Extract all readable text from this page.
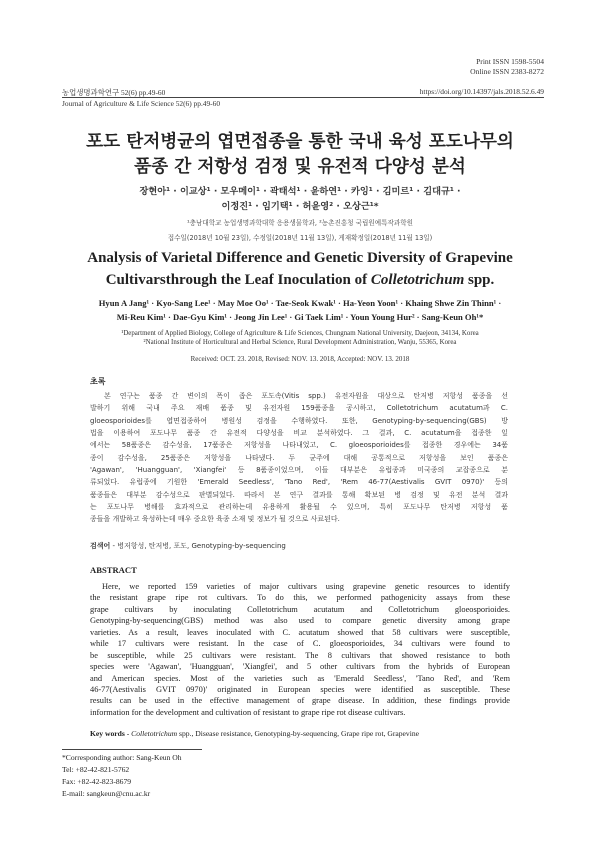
Print ISSN 1598-5504
Online ISSN 2383-8272
농업생명과학연구 52(6) pp.49-60	https://doi.org/10.14397/jals.2018.52.6.49
Journal of Agriculture & Life Science 52(6) pp.49-60
포도 탄저병균의 엽면접종을 통한 국내 육성 포도나무의
품종 간 저항성 검정 및 유전적 다양성 분석
장현아¹ · 이교상¹ · 모우메이¹ · 곽태석¹ · 윤하연¹ · 카잉¹ · 김미르¹ · 김대규¹ ·
이정진¹ · 임기택¹ · 허윤영² · 오상근¹*
¹충남대학교 농업생명과학대학 응용생물학과, ²농촌진흥청 국립원예특작과학원
접수일(2018년 10월 23일), 수정일(2018년 11월 13일), 게재확정일(2018년 11월 13일)
Analysis of Varietal Difference and Genetic Diversity of Grapevine
Cultivarsthrough the Leaf Inoculation of Colletotrichum spp.
Hyun A Jang¹ · Kyo-Sang Lee¹ · May Moe Oo¹ · Tae-Seok Kwak¹ · Ha-Yeon Yoon¹ · Khaing Shwe Zin Thinn¹ ·
Mi-Reu Kim¹ · Dae-Gyu Kim¹ · Jeong Jin Lee¹ · Gi Taek Lim¹ · Youn Young Hur² · Sang-Keun Oh¹*
¹Department of Applied Biology, College of Agriculture & Life Sciences, Chungnam National University, Daejeon, 34134, Korea
²National Institute of Horticultural and Herbal Science, Rural Development Administration, Wanju, 55365, Korea
Received: OCT. 23. 2018, Revised: NOV. 13. 2018, Accepted: NOV. 13. 2018
초록
본 연구는 품종 간 변이의 폭이 좁은 포도속(Vitis spp.) 유전자원을 대상으로 탄저병 저항성 품종을 선
발하기 위해 국내 주요 재배 품종 및 유전자원 159품종을 공시하고, Colletotrichum acutatum과 C.
gloeosporioides를 엽면접종하여 병원성 검정을 수행하였다. 또한, Genotyping-by-sequencing(GBS) 방
법을 이용하여 포도나무 품종 간 유전적 다양성을 비교 분석하였다. 그 결과, C. acutatum을 접종한 잎
에서는 58품종은 감수성을, 17품종은 저항성을 나타내었고, C. gloeosporioides를 접종한 경우에는 34품
종이 감수성을, 25품종은 저항성을 나타냈다. 두 균주에 대해 공통적으로 저항성을 보인 품종은
'Agawan', 'Huangguan', 'Xiangfei' 등 8품종이었으며, 이들 대부분은 유럽종과 미국종의 교잡종으로 분
류되었다. 유럽종에 기원한 'Emerald Seedless', 'Tano Red', 'Rem 46-77(Aestivalis GVIT 0970)' 등의
품종들은 대부분 감수성으로 판별되었다. 따라서 본 연구 결과를 통해 확보된 병 검정 및 유전 분석 결과
는 포도나무 병해를 효과적으로 관리하는데 유용하게 활용될 수 있으며, 특히 포도나무 탄저병 저항성 품
종들을 개발하고 육성하는데 매우 중요한 육종 소재 및 정보가 될 것으로 사료된다.
검색어 - 병저항성, 탄저병, 포도, Genotyping-by-sequencing
ABSTRACT
Here, we reported 159 varieties of major cultivars using grapevine genetic resources to identify
the resistant grape ripe rot cultivars. To do this, we performed pathogenicity assays from these
grape cultivars by inoculating Colletotrichum acutatum and Colletotrichum gloeosporioides.
Genotyping-by-sequencing(GBS) method was also used to compare genetic diversity among grape
varieties. As a result, leaves inoculated with C. acutatum showed that 58 cultivars were susceptible,
while 17 cultivars were resistant. In the case of C. gloeosporioides, 34 cultivars were found to
be susceptible, while 25 cultivars were resistant. The 8 cultivars that showed resistance to both
species were 'Agawan', 'Huangguan', 'Xiangfei', and 5 other cultivars from the hybrids of European
and American species. Most of the varieties such as 'Emerald Seedless', 'Tano Red', and 'Rem
46-77(Aestivalis GVIT 0970)' originated in European species were identified as susceptible. These
results can be used in the effective management of grape disease. In addition, these findings provide
information for the development and cultivation of resistant to grape ripe rot disease cultivars.
Key words - Colletotrichum spp., Disease resistance, Genotyping-by-sequencing, Grape ripe rot, Grapevine
*Corresponding author: Sang-Keun Oh
Tel: +82-42-821-5762
Fax: +82-42-823-8679
E-mail: sangkeun@cnu.ac.kr
